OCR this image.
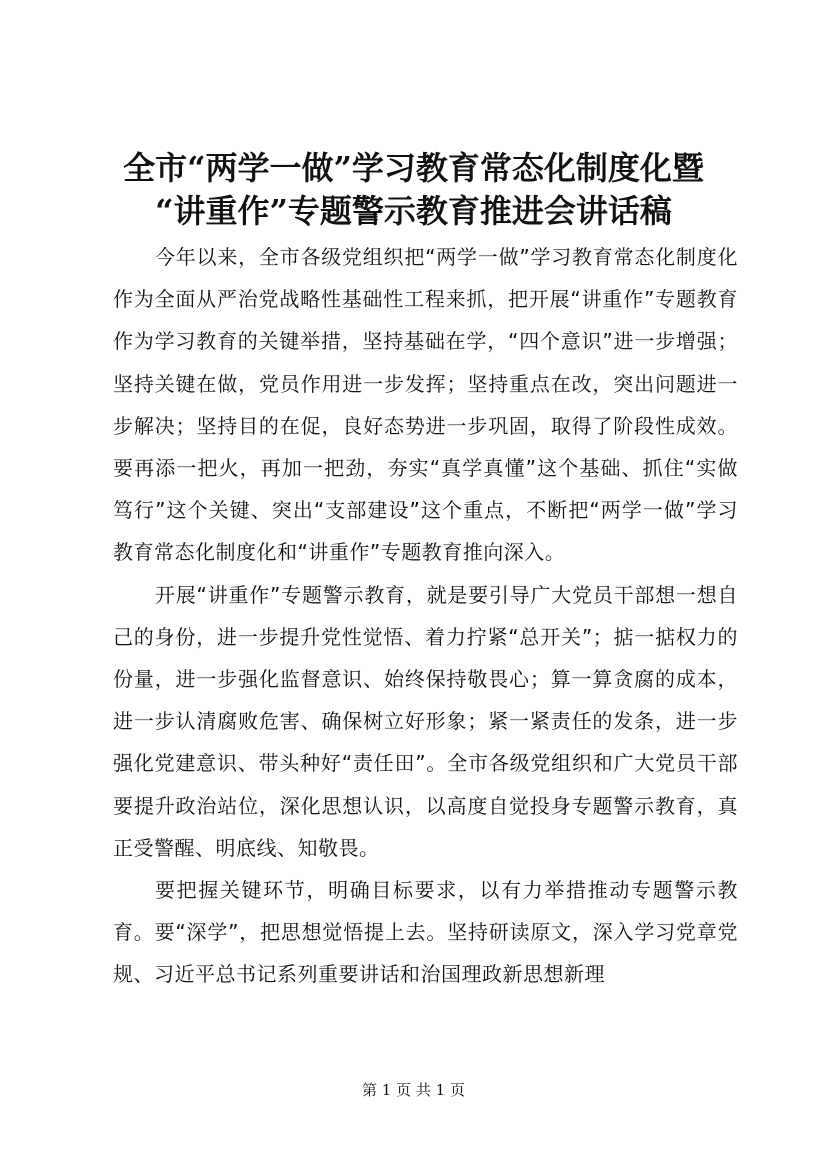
全市“两学一做”学习教育常态化制度化暨
“讲重作”专题警示教育推进会讲话稿

今年以来，全市各级党组织把“两学一做”学习教育常态化制度化作为全面从严治党战略性基础性工程来抓，把开展“讲重作”专题教育作为学习教育的关键举措，坚持基础在学，“四个意识”进一步增强；坚持关键在做，党员作用进一步发挥；坚持重点在改，突出问题进一步解决；坚持目的在促，良好态势进一步巩固，取得了阶段性成效。要再添一把火，再加一把劲，夯实“真学真懂”这个基础、抓住“实做笃行”这个关键、突出“支部建设”这个重点，不断把“两学一做”学习教育常态化制度化和“讲重作”专题教育推向深入。

开展“讲重作”专题警示教育，就是要引导广大党员干部想一想自己的身份，进一步提升党性觉悟、着力拧紧“总开关”；掂一掂权力的份量，进一步强化监督意识、始终保持敬畏心；算一算贪腐的成本，进一步认清腐败危害、确保树立好形象；紧一紧责任的发条，进一步强化党建意识、带头种好“责任田”。全市各级党组织和广大党员干部要提升政治站位，深化思想认识，以高度自觉投身专题警示教育，真正受警醒、明底线、知敬畏。

要把握关键环节，明确目标要求，以有力举措推动专题警示教育。要“深学”，把思想觉悟提上去。坚持研读原文，深入学习党章党规、习近平总书记系列重要讲话和治国理政新思想新理

第 1 页 共 1 页
